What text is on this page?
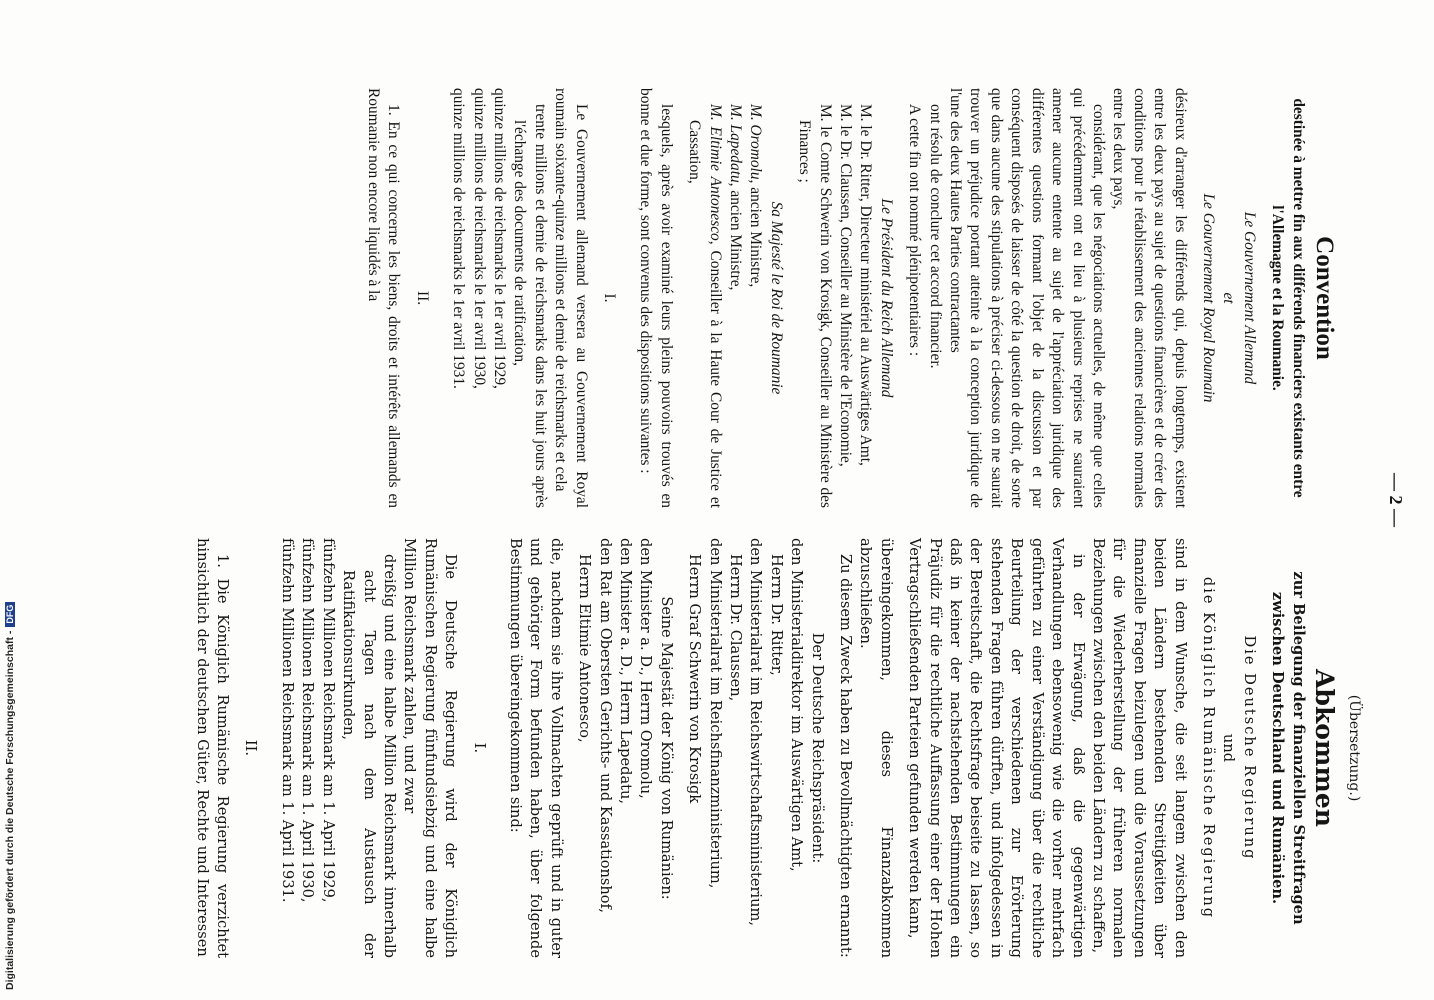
— 2 —
(Übersetzung.)
Convention
destinée à mettre fin aux différends financiers existants entre l'Allemagne et la Roumanie.

Le Gouvernement Allemand

et

Le Gouvernement Royal Roumain

désireux d'arranger les différends qui, depuis longtemps, existent entre les deux pays au sujet de questions financières et de créer des conditions pour le rétablissement des anciennes relations normales entre les deux pays,

considérant, que les négociations actuelles, de même que celles qui précédemment ont eu lieu à plusieurs reprises ne sauraient amener aucune entente au sujet de l'appréciation juridique des différentes questions formant l'objet de la discussion et par conséquent disposés de laisser de côté la question de droit, de sorte que dans aucune des stipulations à préciser ci-dessous on ne saurait trouver un préjudice portant atteinte à la conception juridique de l'une des deux Hautes Parties contractantes

ont résolu de conclure cet accord financier.

A cette fin ont nommé plénipotentiaires :

Le Président du Reich Allemand

M. le Dr. Ritter, Directeur ministériel au Auswärtiges Amt,

M. le Dr. Claussen, Conseiller au Ministère de l'Economie,

M. le Comte Schwerin von Krosigk, Conseiller au Ministère des Finances ;

Sa Majesté le Roi de Roumanie

M. Oromolu, ancien Ministre,

M. Lapedatu, ancien Ministre,

M. Eltimie Antonesco, Conseiller à la Haute Cour de Justice et Cassation,

lesquels, après avoir examiné leurs pleins pouvoirs trouvés en bonne et due forme, sont convenus des dispositions suivantes :

I.

Le Gouvernement allemand versera au Gouvernement Royal roumain soixante-quinze millions et demie de reichsmarks et cela

trente millions et demie de reichsmarks dans les huit jours après l'échange des documents de ratification,

quinze millions de reichsmarks le 1er avril 1929,

quinze millions de reichsmarks le 1er avril 1930,

quinze millions de reichsmarks le 1er avril 1931.

II.

1. En ce qui concerne les biens, droits et intérêts allemands en Roumanie non encore liquidés à la

Abkommen
zur Beilegung der finanziellen Streitfragen zwischen Deutschland und Rumänien.

Die Deutsche Regierung

und

die Königlich Rumänische Regierung

sind in dem Wunsche, die seit langem zwischen den beiden Ländern bestehenden Streitigkeiten über finanzielle Fragen beizulegen und die Voraussetzungen für die Wiederherstellung der früheren normalen Beziehungen zwischen den beiden Ländern zu schaffen,

in der Erwägung, daß die gegenwärtigen Verhandlungen ebensowenig wie die vorher mehrfach geführten zu einer Verständigung über die rechtliche Beurteilung der verschiedenen zur Erörterung stehenden Fragen führen dürften, und infolgedessen in der Bereitschaft, die Rechtsfrage beiseite zu lassen, so daß in keiner der nachstehenden Bestimmungen ein Präjudiz für die rechtliche Auffassung einer der Hohen Vertragschließenden Parteien gefunden werden kann,

übereingekommen, dieses Finanzabkommen abzuschließen.

Zu diesem Zweck haben zu Bevollmächtigten ernannt:

Der Deutsche Reichspräsident:

den Ministerialdirektor im Auswärtigen Amt,

Herrn Dr. Ritter,

den Ministerialrat im Reichswirtschaftsministerium,

Herrn Dr. Claussen,

den Ministerialrat im Reichsfinanzministerium,

Herrn Graf Schwerin von Krosigk

Seine Majestät der König von Rumänien:

den Minister a. D., Herrn Oromolu,

den Minister a. D., Herrn Lapedatu,

den Rat am Obersten Gerichts- und Kassationshof,

Herrn Eltimie Antonesco,

die, nachdem sie ihre Vollmachten geprüft und in guter und gehöriger Form befunden haben, über folgende Bestimmungen übereingekommen sind:

I.

Die Deutsche Regierung wird der Königlich Rumänischen Regierung fünfundsiebzig und eine halbe Million Reichsmark zahlen, und zwar

dreißig und eine halbe Million Reichsmark innerhalb acht Tagen nach dem Austausch der Ratifikationsurkunden,

fünfzehn Millionen Reichsmark am 1. April 1929,

fünfzehn Millionen Reichsmark am 1. April 1930,

fünfzehn Millionen Reichsmark am 1. April 1931.

II.

1. Die Königlich Rumänische Regierung verzichtet hinsichtlich der deutschen Güter, Rechte und Interessen

Digitalisierung gefördert durch die Deutsche Forschungsgemeinschaft -DFG
